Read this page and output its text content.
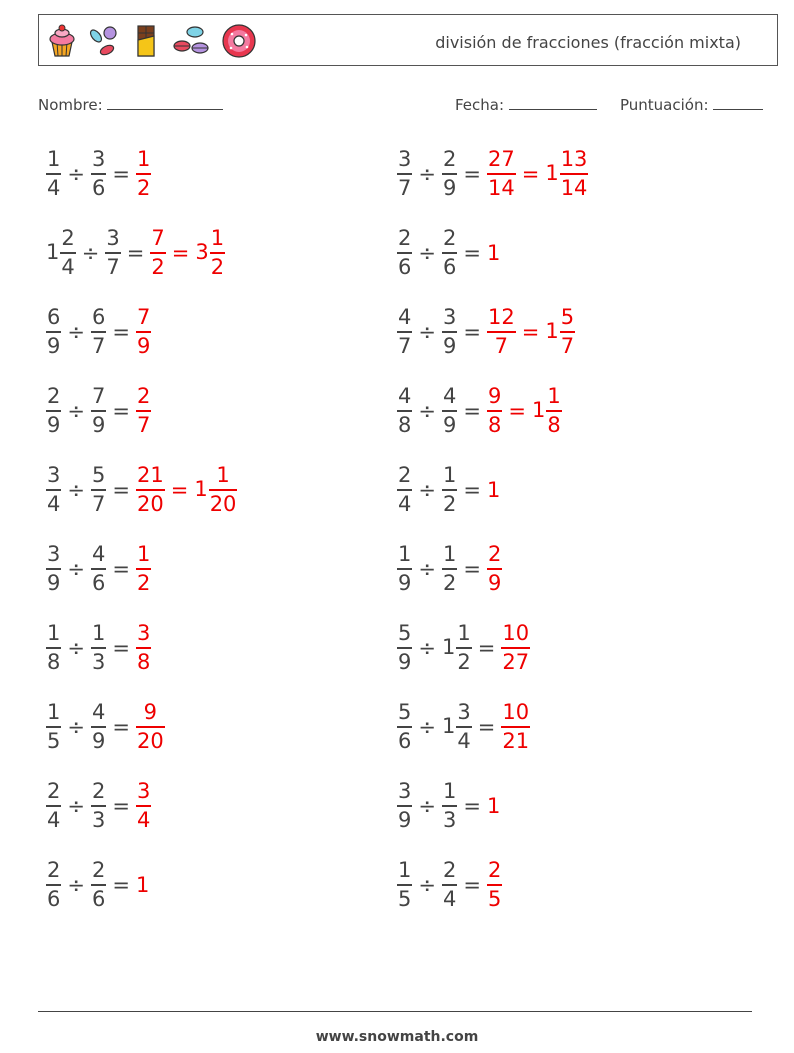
división de fracciones (fracción mixta)
Nombre:	Fecha:	Puntuación:
$\frac{1}{4} \div \frac{3}{6} = \frac{1}{2}$	$\frac{3}{7} \div \frac{2}{9} = \frac{27}{14} = 1 \frac{13}{14}$
$1 \frac{2}{4} \div \frac{3}{7} = \frac{7}{2} = 3 \frac{1}{2}$	$\frac{2}{6} \div \frac{2}{6} = 1$
$\frac{6}{9} \div \frac{6}{7} = \frac{7}{9}$	$\frac{4}{7} \div \frac{3}{9} = \frac{12}{7} = 1 \frac{5}{7}$
$\frac{2}{9} \div \frac{7}{9} = \frac{2}{7}$	$\frac{4}{8} \div \frac{4}{9} = \frac{9}{8} = 1 \frac{1}{8}$
$\frac{3}{4} \div \frac{5}{7} = \frac{21}{20} = 1 \frac{1}{20}$	$\frac{2}{4} \div \frac{1}{2} = 1$
$\frac{3}{9} \div \frac{4}{6} = \frac{1}{2}$	$\frac{1}{9} \div \frac{1}{2} = \frac{2}{9}$
$\frac{1}{8} \div \frac{1}{3} = \frac{3}{8}$	$\frac{5}{9} \div 1 \frac{1}{2} = \frac{10}{27}$
$\frac{1}{5} \div \frac{4}{9} = \frac{9}{20}$	$\frac{5}{6} \div 1 \frac{3}{4} = \frac{10}{21}$
$\frac{2}{4} \div \frac{2}{3} = \frac{3}{4}$	$\frac{3}{9} \div \frac{1}{3} = 1$
$\frac{2}{6} \div \frac{2}{6} = 1$	$\frac{1}{5} \div \frac{2}{4} = \frac{2}{5}$
www.snowmath.com
